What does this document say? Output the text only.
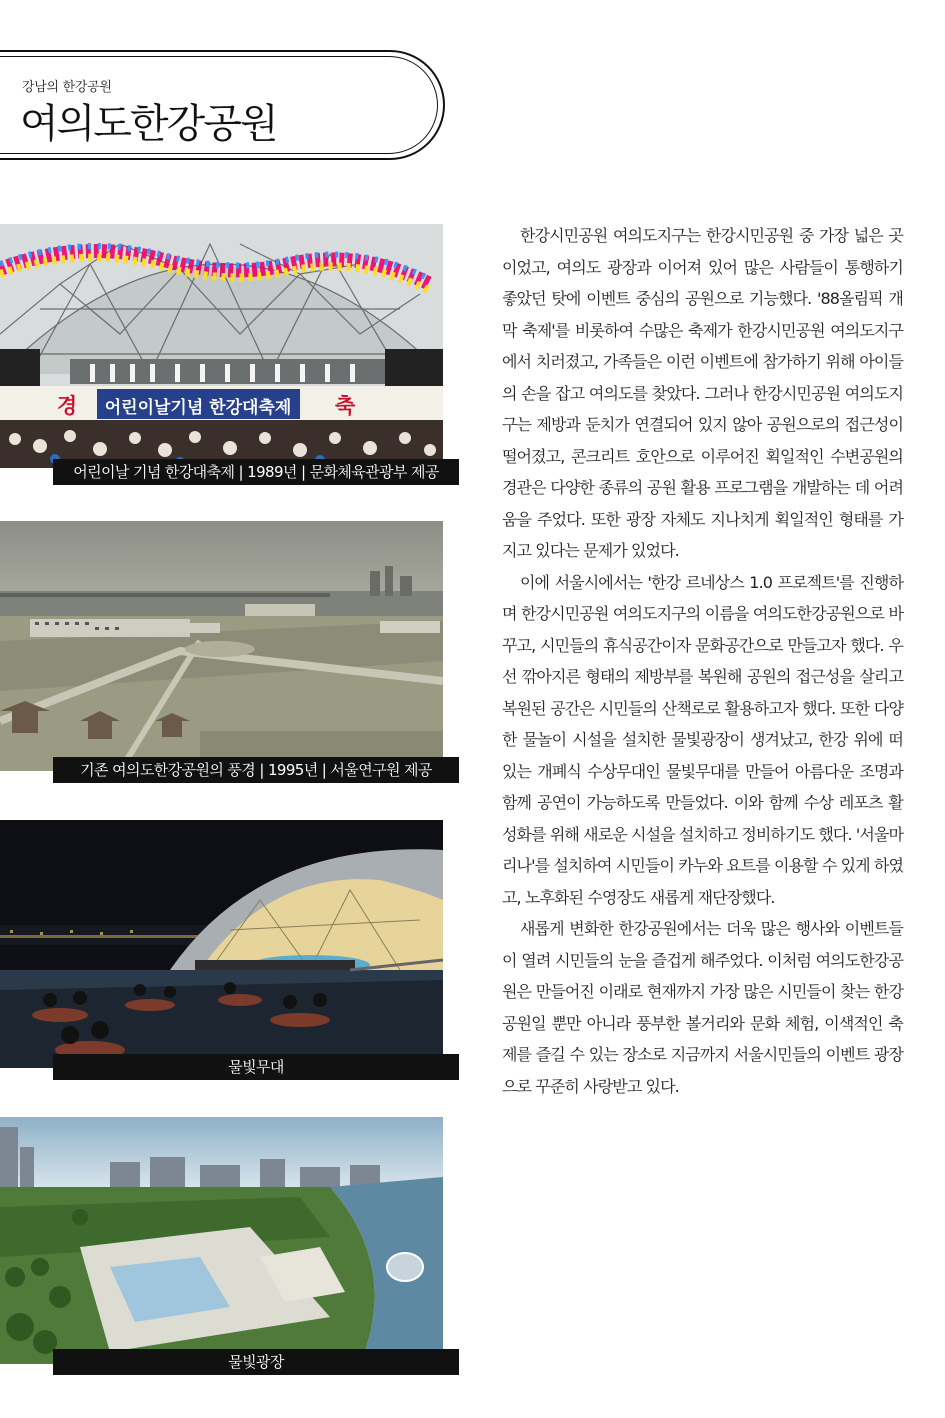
강남의 한강공원
여의도한강공원
경 어린이날기념 한강대축제 축
어린이날 기념 한강대축제 | 1989년 | 문화체육관광부 제공
기존 여의도한강공원의 풍경 | 1995년 | 서울연구원 제공
물빛무대
물빛광장

한강시민공원 여의도지구는 한강시민공원 중 가장 넓은 곳이었고, 여의도 광장과 이어져 있어 많은 사람들이 통행하기 좋았던 탓에 이벤트 중심의 공원으로 기능했다. '88올림픽 개막 축제'를 비롯하여 수많은 축제가 한강시민공원 여의도지구에서 치러졌고, 가족들은 이런 이벤트에 참가하기 위해 아이들의 손을 잡고 여의도를 찾았다. 그러나 한강시민공원 여의도지구는 제방과 둔치가 연결되어 있지 않아 공원으로의 접근성이 떨어졌고, 콘크리트 호안으로 이루어진 획일적인 수변공원의 경관은 다양한 종류의 공원 활용 프로그램을 개발하는 데 어려움을 주었다. 또한 광장 자체도 지나치게 획일적인 형태를 가지고 있다는 문제가 있었다.

이에 서울시에서는 '한강 르네상스 1.0 프로젝트'를 진행하며 한강시민공원 여의도지구의 이름을 여의도한강공원으로 바꾸고, 시민들의 휴식공간이자 문화공간으로 만들고자 했다. 우선 깎아지른 형태의 제방부를 복원해 공원의 접근성을 살리고 복원된 공간은 시민들의 산책로로 활용하고자 했다. 또한 다양한 물놀이 시설을 설치한 물빛광장이 생겨났고, 한강 위에 떠있는 개폐식 수상무대인 물빛무대를 만들어 아름다운 조명과 함께 공연이 가능하도록 만들었다. 이와 함께 수상 레포츠 활성화를 위해 새로운 시설을 설치하고 정비하기도 했다. '서울마리나'를 설치하여 시민들이 카누와 요트를 이용할 수 있게 하였고, 노후화된 수영장도 새롭게 재단장했다.

새롭게 변화한 한강공원에서는 더욱 많은 행사와 이벤트들이 열려 시민들의 눈을 즐겁게 해주었다. 이처럼 여의도한강공원은 만들어진 이래로 현재까지 가장 많은 시민들이 찾는 한강공원일 뿐만 아니라 풍부한 볼거리와 문화 체험, 이색적인 축제를 즐길 수 있는 장소로 지금까지 서울시민들의 이벤트 광장으로 꾸준히 사랑받고 있다.
